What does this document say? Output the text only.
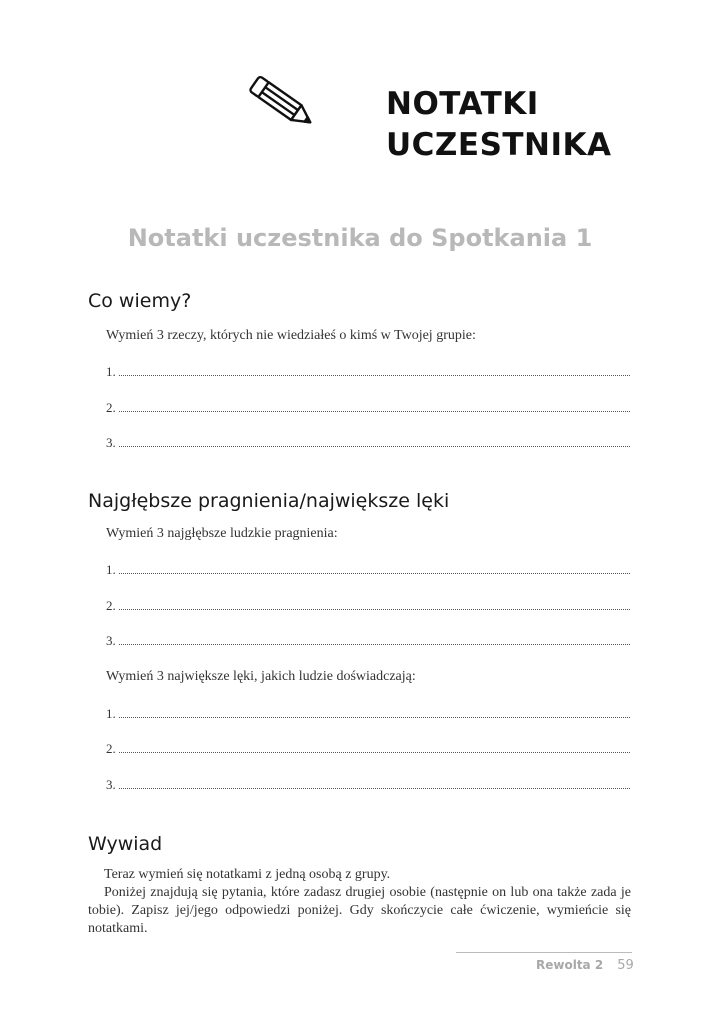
NOTATKI
UCZESTNIKA
Notatki uczestnika do Spotkania 1
Co wiemy?
Wymień 3 rzeczy, których nie wiedziałeś o kimś w Twojej grupie:
1.
2.
3.
Najgłębsze pragnienia/największe lęki
Wymień 3 najgłębsze ludzkie pragnienia:
1.
2.
3.
Wymień 3 największe lęki, jakich ludzie doświadczają:
1.
2.
3.
Wywiad

Teraz wymień się notatkami z jedną osobą z grupy.

Poniżej znajdują się pytania, które zadasz drugiej osobie (następnie on lub ona także zada je tobie). Zapisz jej/jego odpowiedzi poniżej. Gdy skończycie całe ćwiczenie, wymieńcie się notatkami.

Rewolta 2 59
